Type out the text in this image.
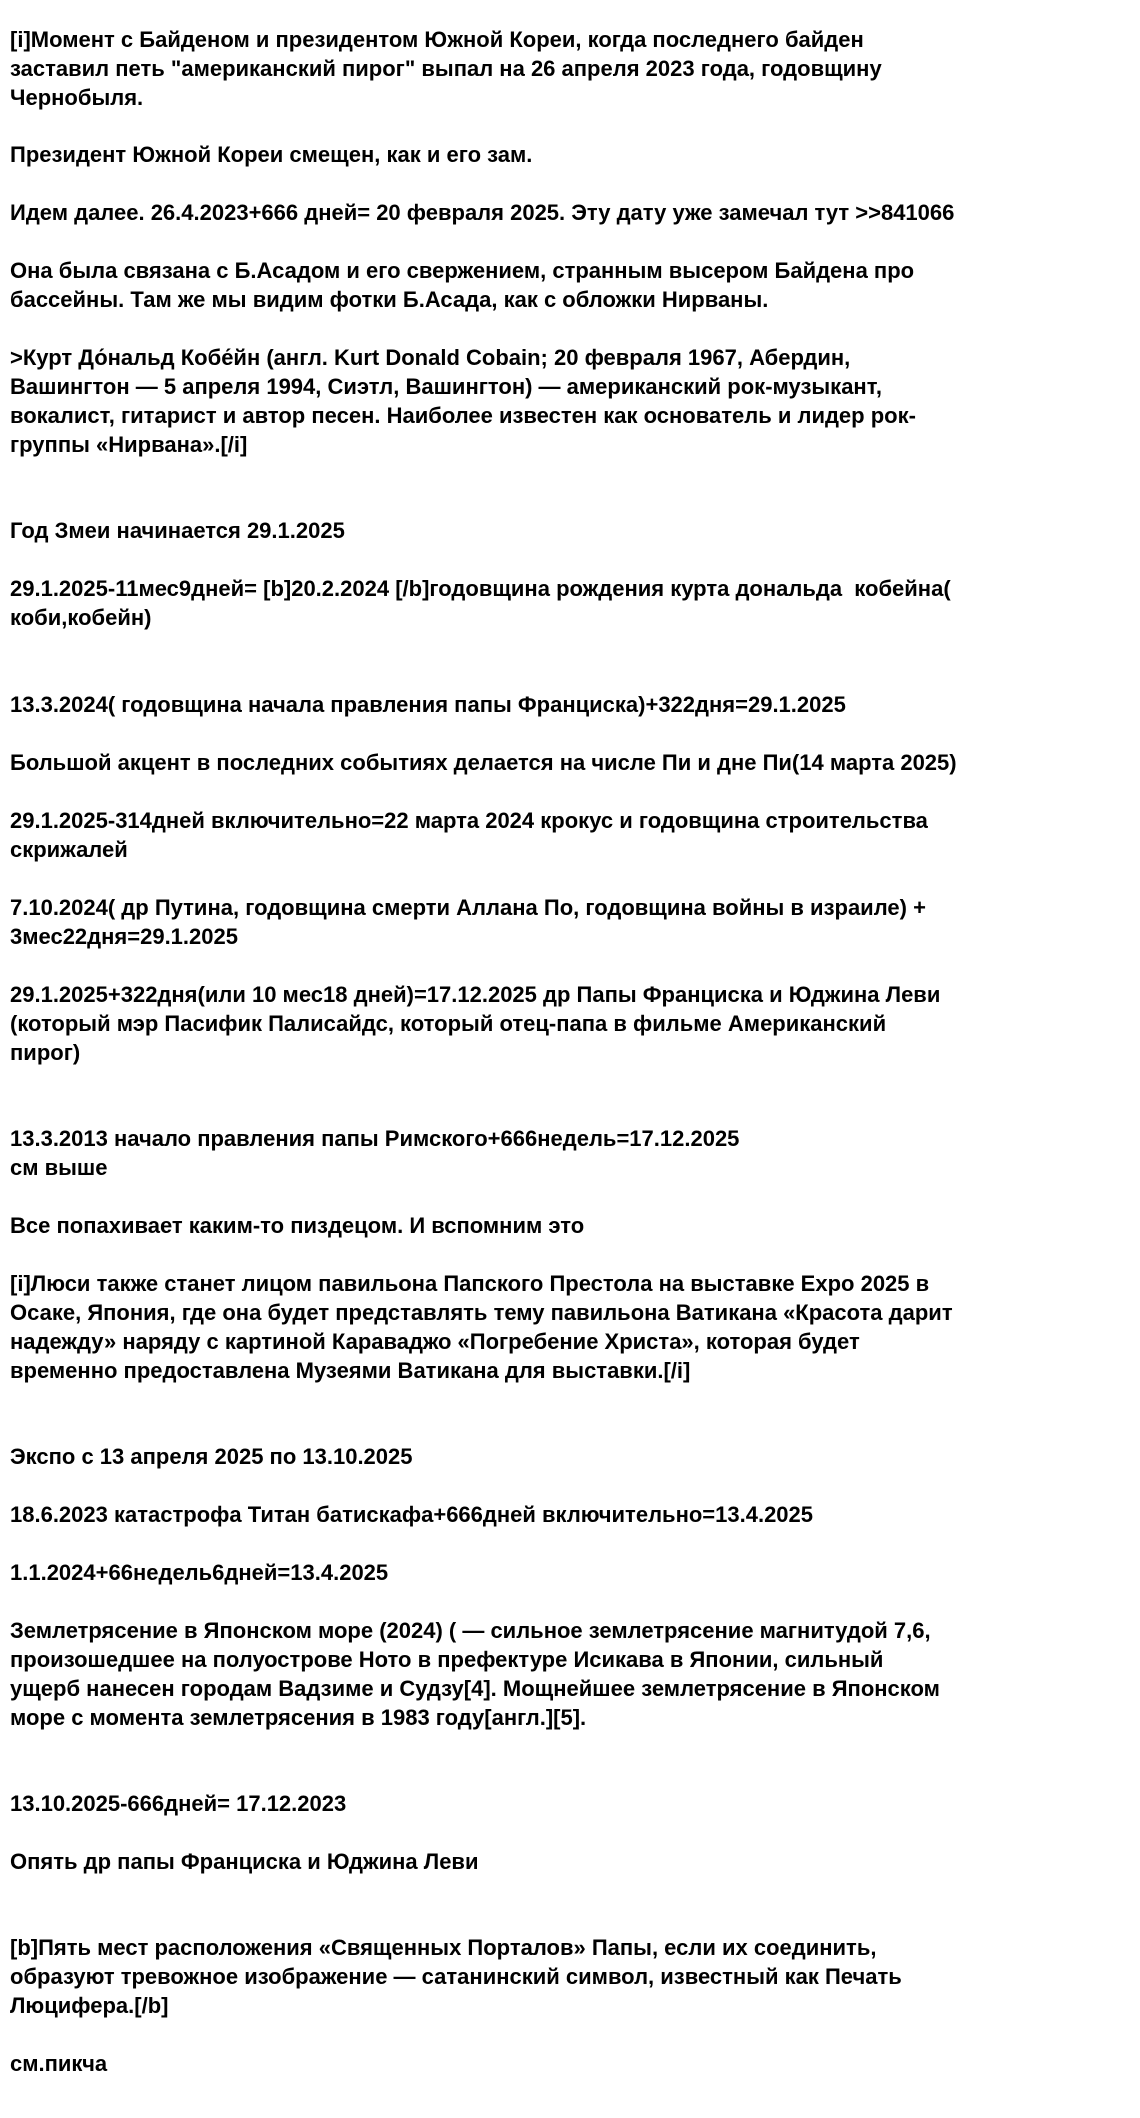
[i]Момент с Байденом и президентом Южной Кореи, когда последнего байден

заставил петь "американский пирог" выпал на 26 апреля 2023 года, годовщину

Чернобыля.

Президент Южной Кореи смещен, как и его зам.

Идем далее. 26.4.2023+666 дней= 20 февраля 2025. Эту дату уже замечал тут >>841066

Она была связана с Б.Асадом и его свержением, странным высером Байдена про

бассейны. Там же мы видим фотки Б.Асада, как с обложки Нирваны.

>Курт До́нальд Кобе́йн (англ. Kurt Donald Cobain; 20 февраля 1967, Абердин,

Вашингтон — 5 апреля 1994, Сиэтл, Вашингтон) — американский рок-музыкант,

вокалист, гитарист и автор песен. Наиболее известен как основатель и лидер рок-

группы «Нирвана».[/i]

Год Змеи начинается 29.1.2025

29.1.2025-11мес9дней= [b]20.2.2024 [/b]годовщина рождения курта дональда  кобейна(

коби,кобейн)

13.3.2024( годовщина начала правления папы Франциска)+322дня=29.1.2025

Большой акцент в последних событиях делается на числе Пи и дне Пи(14 марта 2025)

29.1.2025-314дней включительно=22 марта 2024 крокус и годовщина строительства

скрижалей

7.10.2024( др Путина, годовщина смерти Аллана По, годовщина войны в израиле) +

3мес22дня=29.1.2025

29.1.2025+322дня(или 10 мес18 дней)=17.12.2025 др Папы Франциска и Юджина Леви

(который мэр Пасифик Палисайдс, который отец-папа в фильме Американский

пирог)

13.3.2013 начало правления папы Римского+666недель=17.12.2025

см выше

Все попахивает каким-то пиздецом. И вспомним это

[i]Люси также станет лицом павильона Папского Престола на выставке Expo 2025 в

Осаке, Япония, где она будет представлять тему павильона Ватикана «Красота дарит

надежду» наряду с картиной Караваджо «Погребение Христа», которая будет

временно предоставлена Музеями Ватикана для выставки.[/i]

Экспо с 13 апреля 2025 по 13.10.2025

18.6.2023 катастрофа Титан батискафа+666дней включительно=13.4.2025

1.1.2024+66недель6дней=13.4.2025

Землетрясение в Японском море (2024) ( — сильное землетрясение магнитудой 7,6,

произошедшее на полуострове Ното в префектуре Исикава в Японии, сильный

ущерб нанесен городам Вадзиме и Судзу[4]. Мощнейшее землетрясение в Японском

море с момента землетрясения в 1983 году[англ.][5].

13.10.2025-666дней= 17.12.2023

Опять др папы Франциска и Юджина Леви

[b]Пять мест расположения «Священных Порталов» Папы, если их соединить,

образуют тревожное изображение — сатанинский символ, известный как Печать

Люцифера.[/b]

см.пикча
